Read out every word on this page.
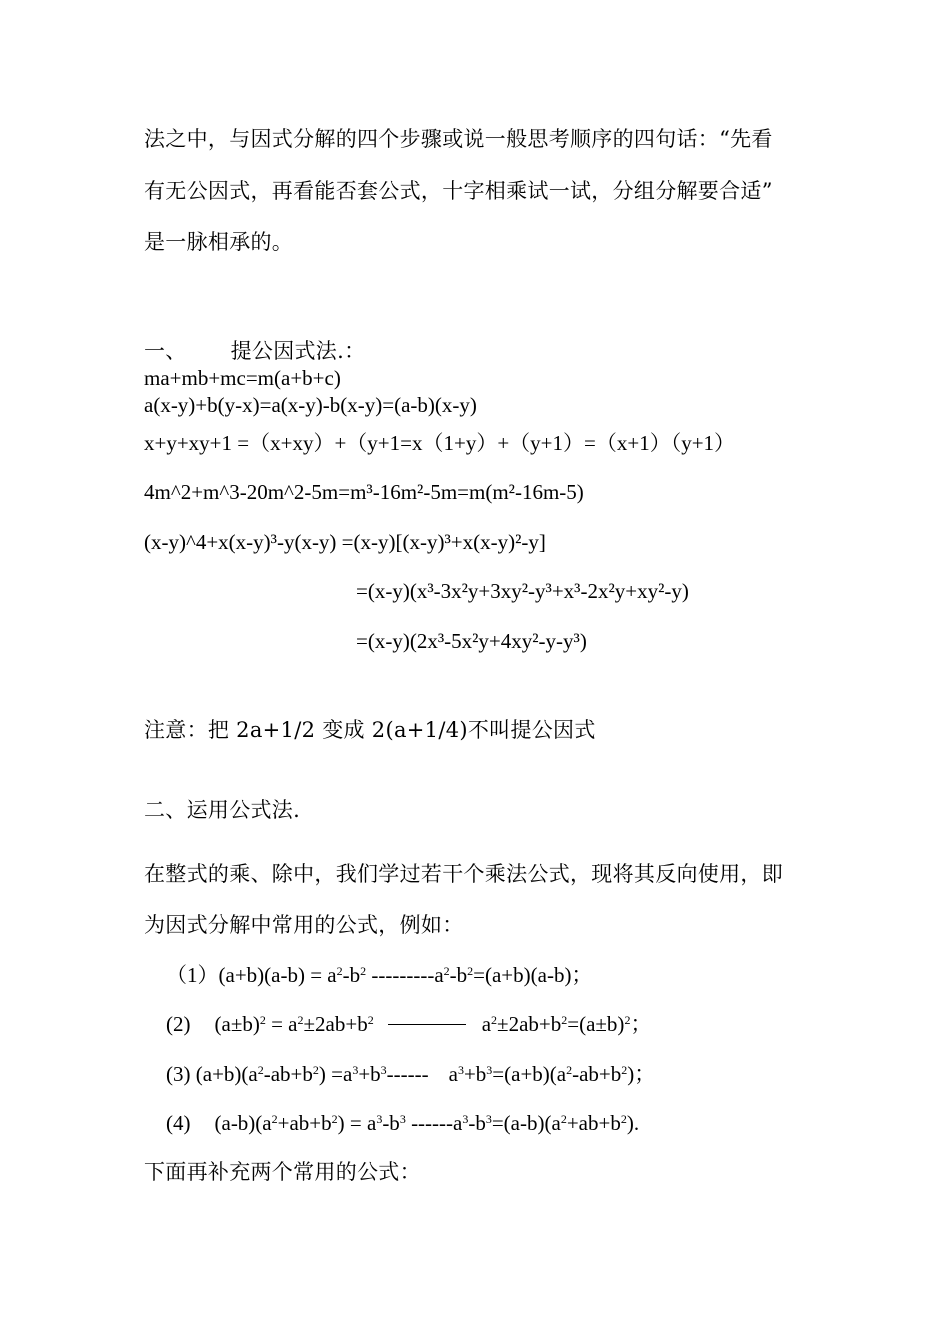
法之中，与因式分解的四个步骤或说一般思考顺序的四句话：“先看
有无公因式，再看能否套公式，十字相乘试一试，分组分解要合适”
是一脉相承的。
一、 提公因式法.：
ma+mb+mc=m(a+b+c)
a(x-y)+b(y-x)=a(x-y)-b(x-y)=(a-b)(x-y)
x+y+xy+1 =（x+xy）+（y+1=x（1+y）+（y+1）=（x+1）（y+1）
4m^2+m^3-20m^2-5m=m³-16m²-5m=m(m²-16m-5)
(x-y)^4+x(x-y)³-y(x-y) =(x-y)[(x-y)³+x(x-y)²-y]
=(x-y)(x³-3x²y+3xy²-y³+x³-2x²y+xy²-y)
=(x-y)(2x³-5x²y+4xy²-y-y³)
注意：把 2a+1/2 变成 2(a+1/4)不叫提公因式
二、运用公式法.
在整式的乘、除中，我们学过若干个乘法公式，现将其反向使用，即
为因式分解中常用的公式，例如：
$(1)(a+b)(a-b) = a^2-b^2$ $---------a^2-b^2=(a+b)(a-b)$；
(2) $(a\pm b)^2 = a^2\pm 2ab+b^2$	$a^2\pm 2ab+b^2=(a\pm b)^2$；
(3) $(a+b)(a^2-ab+b^2) =a^3+b^3------$ $a^3+b^3=(a+b)(a^2-ab+b^2)$；
(4) $(a-b)(a^2+ab+b^2) = a^3-b^3$ $------a^3-b^3=(a-b)(a^2+ab+b^2)$.
下面再补充两个常用的公式：
